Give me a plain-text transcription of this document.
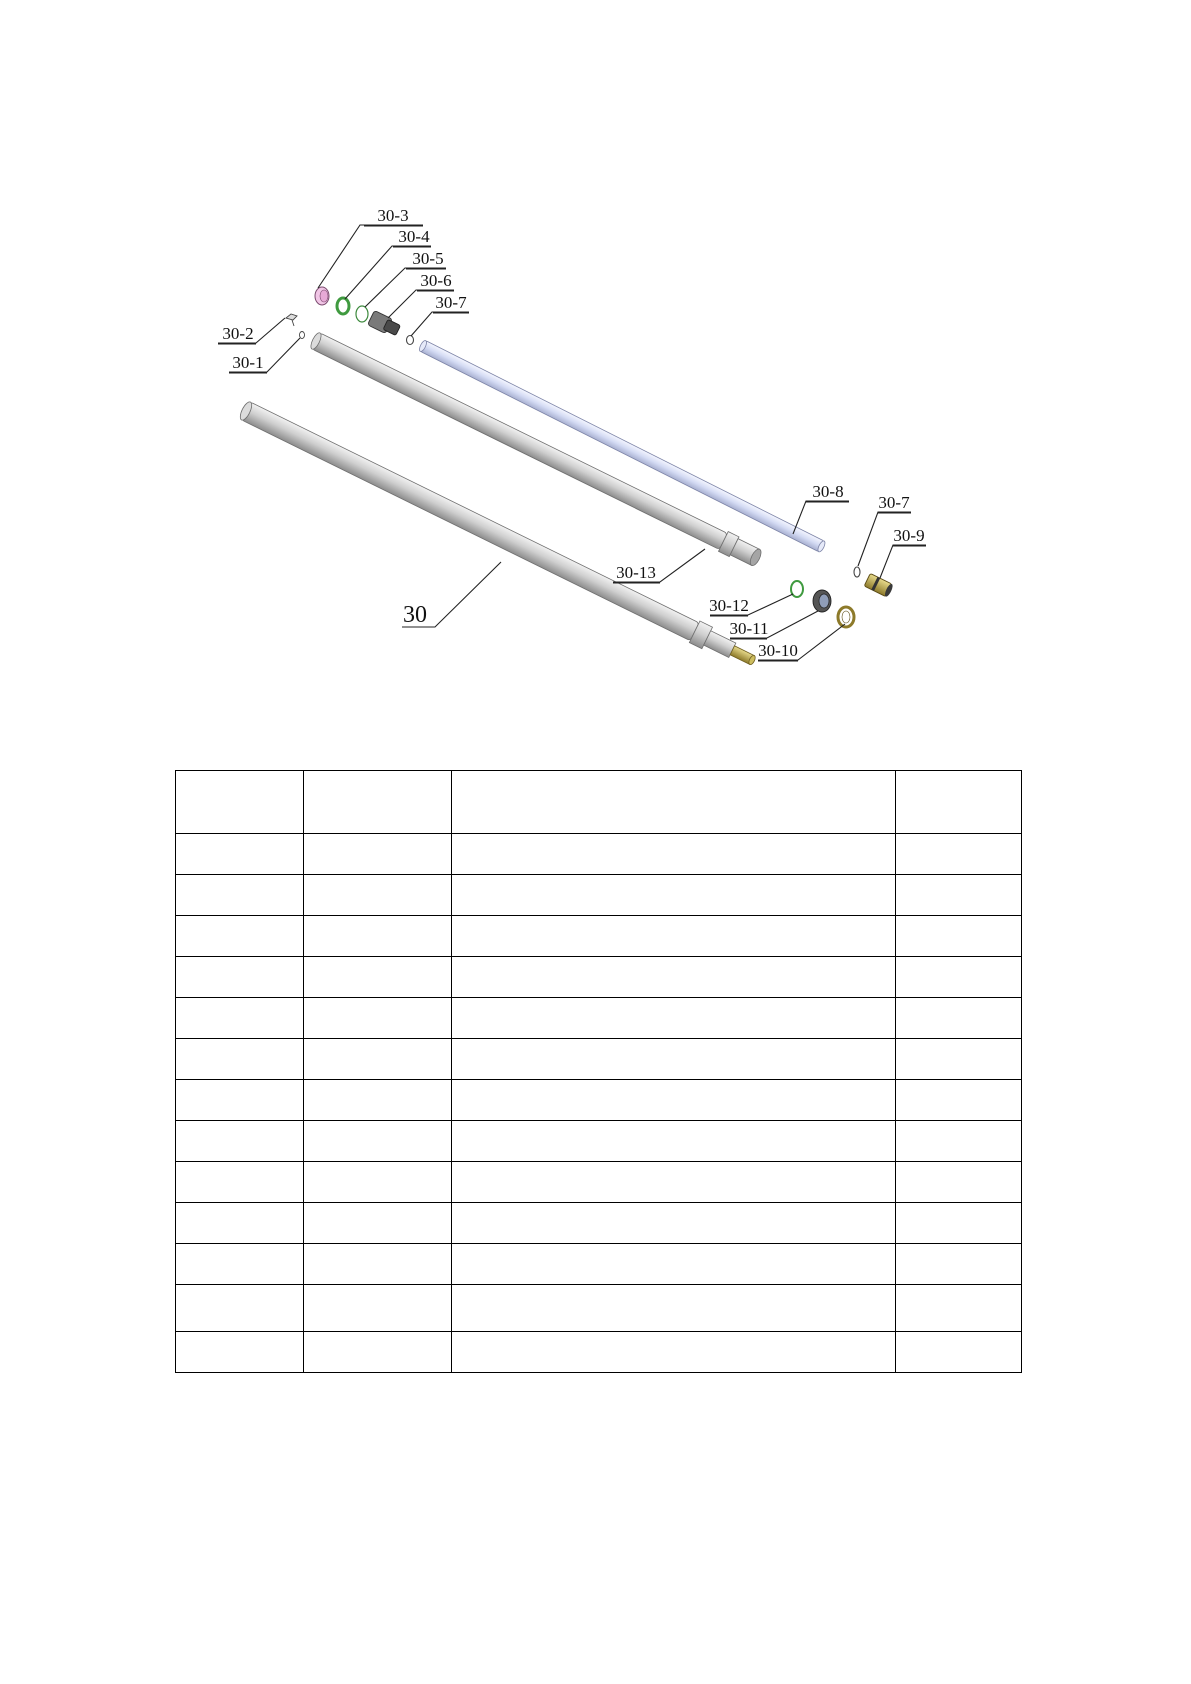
30-3
30-4
30-5
30-6
30-7
30-2
30-1
30-8
30-7
30-9
30-13
30-12
30-11
30-10
30
